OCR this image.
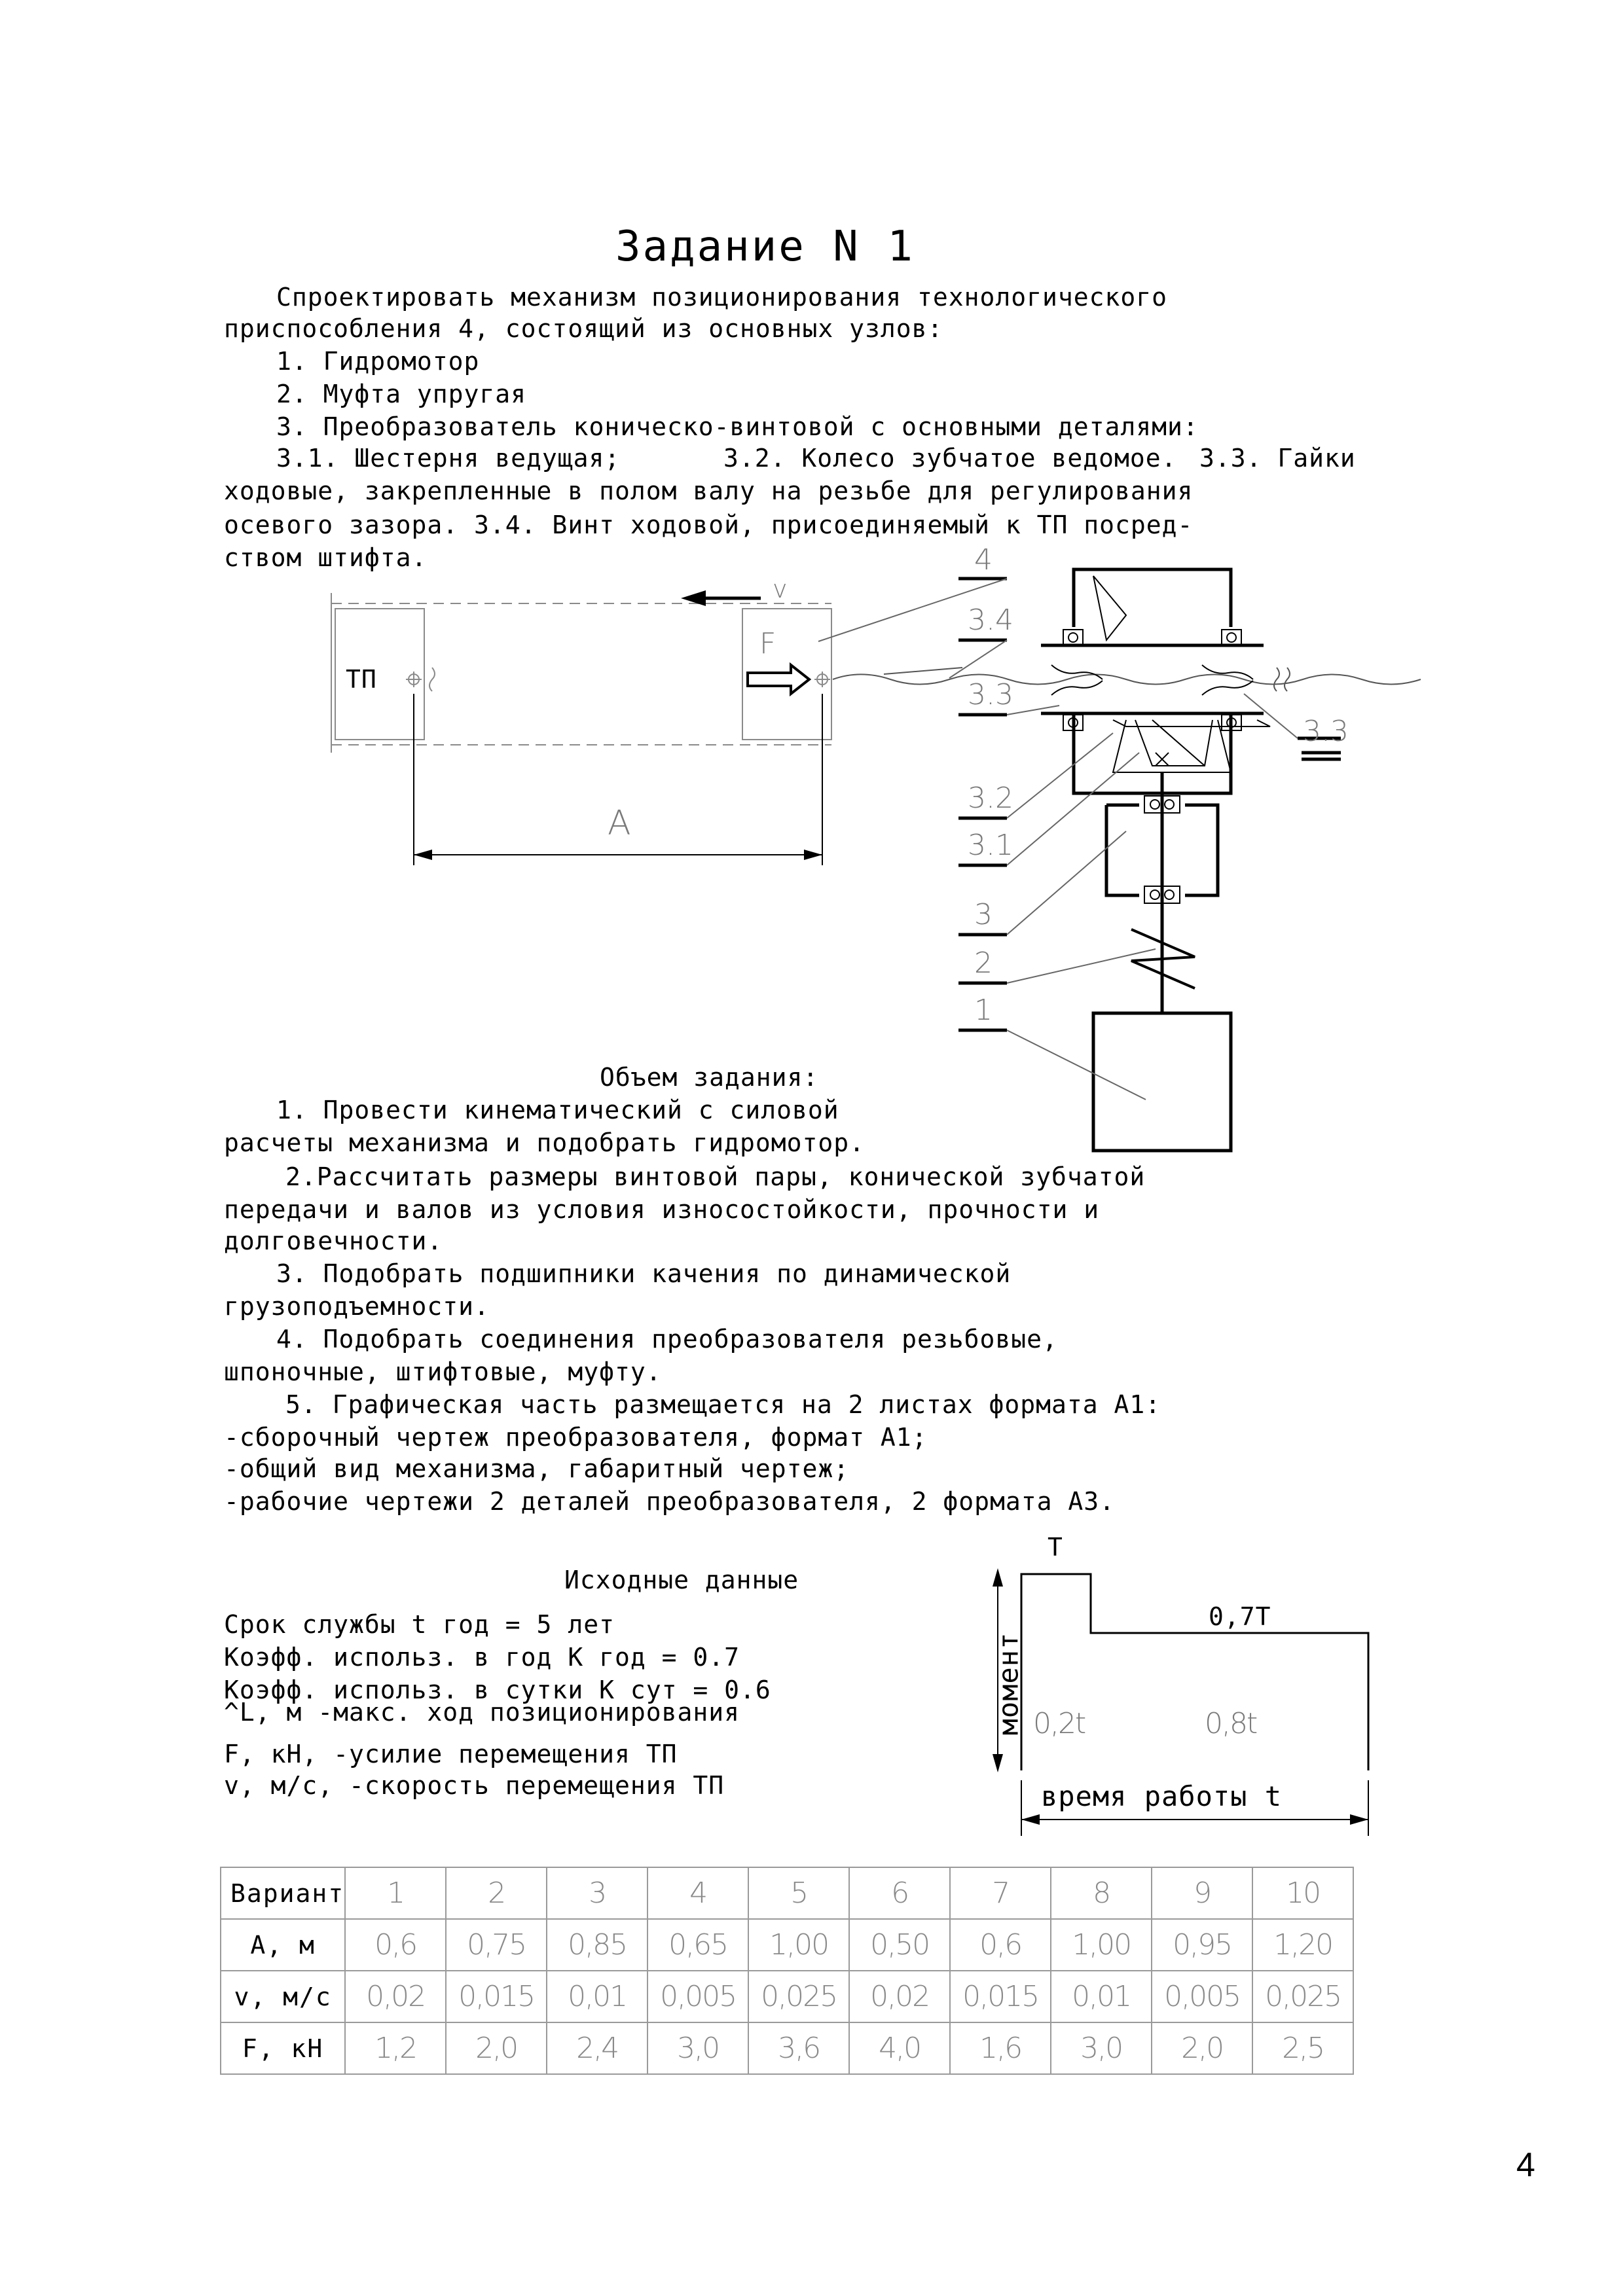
Задание N 1
Спроектировать механизм позиционирования технологического
приспособления 4, состоящий из основных узлов:
1. Гидромотор
2. Муфта упругая
3. Преобразователь коническо-винтовой с основными деталями:
3.1. Шестерня ведущая;	3.2. Колесо зубчатое ведомое. 3.3. Гайки
ходовые, закрепленные в полом валу на резьбе для регулирования
осевого зазора. 3.4. Винт ходовой, присоединяемый к ТП посред-
ством штифта.
ТП
F
v
A
4
3.4
3.3
3.3
3.2
3.1
3
2
1
Объем задания:
1. Провести кинематический с силовой
расчеты механизма и подобрать гидромотор.
2.Рассчитать размеры винтовой пары, конической зубчатой
передачи и валов из условия износостойкости, прочности и
долговечности.
3. Подобрать подшипники качения по динамической
грузоподъемности.
4. Подобрать соединения преобразователя резьбовые,
шпоночные, штифтовые, муфту.
5. Графическая часть размещается на 2 листах формата А1:
-сборочный чертеж преобразователя, формат А1;
-общий вид механизма, габаритный чертеж;
-рабочие чертежи 2 деталей преобразователя, 2 формата А3.
Исходные данные
Срок службы t год = 5 лет
Коэфф. использ. в год К год = 0.7
Коэфф. использ. в сутки К сут = 0.6
^L, м -макс. ход позиционирования
F, кН, -усилие перемещения ТП
v, м/с, -скорость перемещения ТП
T
0,7T
0,2t	0,8t
время работы t
момент
Вариант	1	2	3	4	5	6	7	8	9	10
А, м	0,6	0,75	0,85	0,65	1,00	0,50	0,6	1,00	0,95	1,20
v, м/с	0,02	0,015	0,01	0,005	0,025	0,02	0,015	0,01	0,005	0,025
F, кН	1,2	2,0	2,4	3,0	3,6	4,0	1,6	3,0	2,0	2,5
4
